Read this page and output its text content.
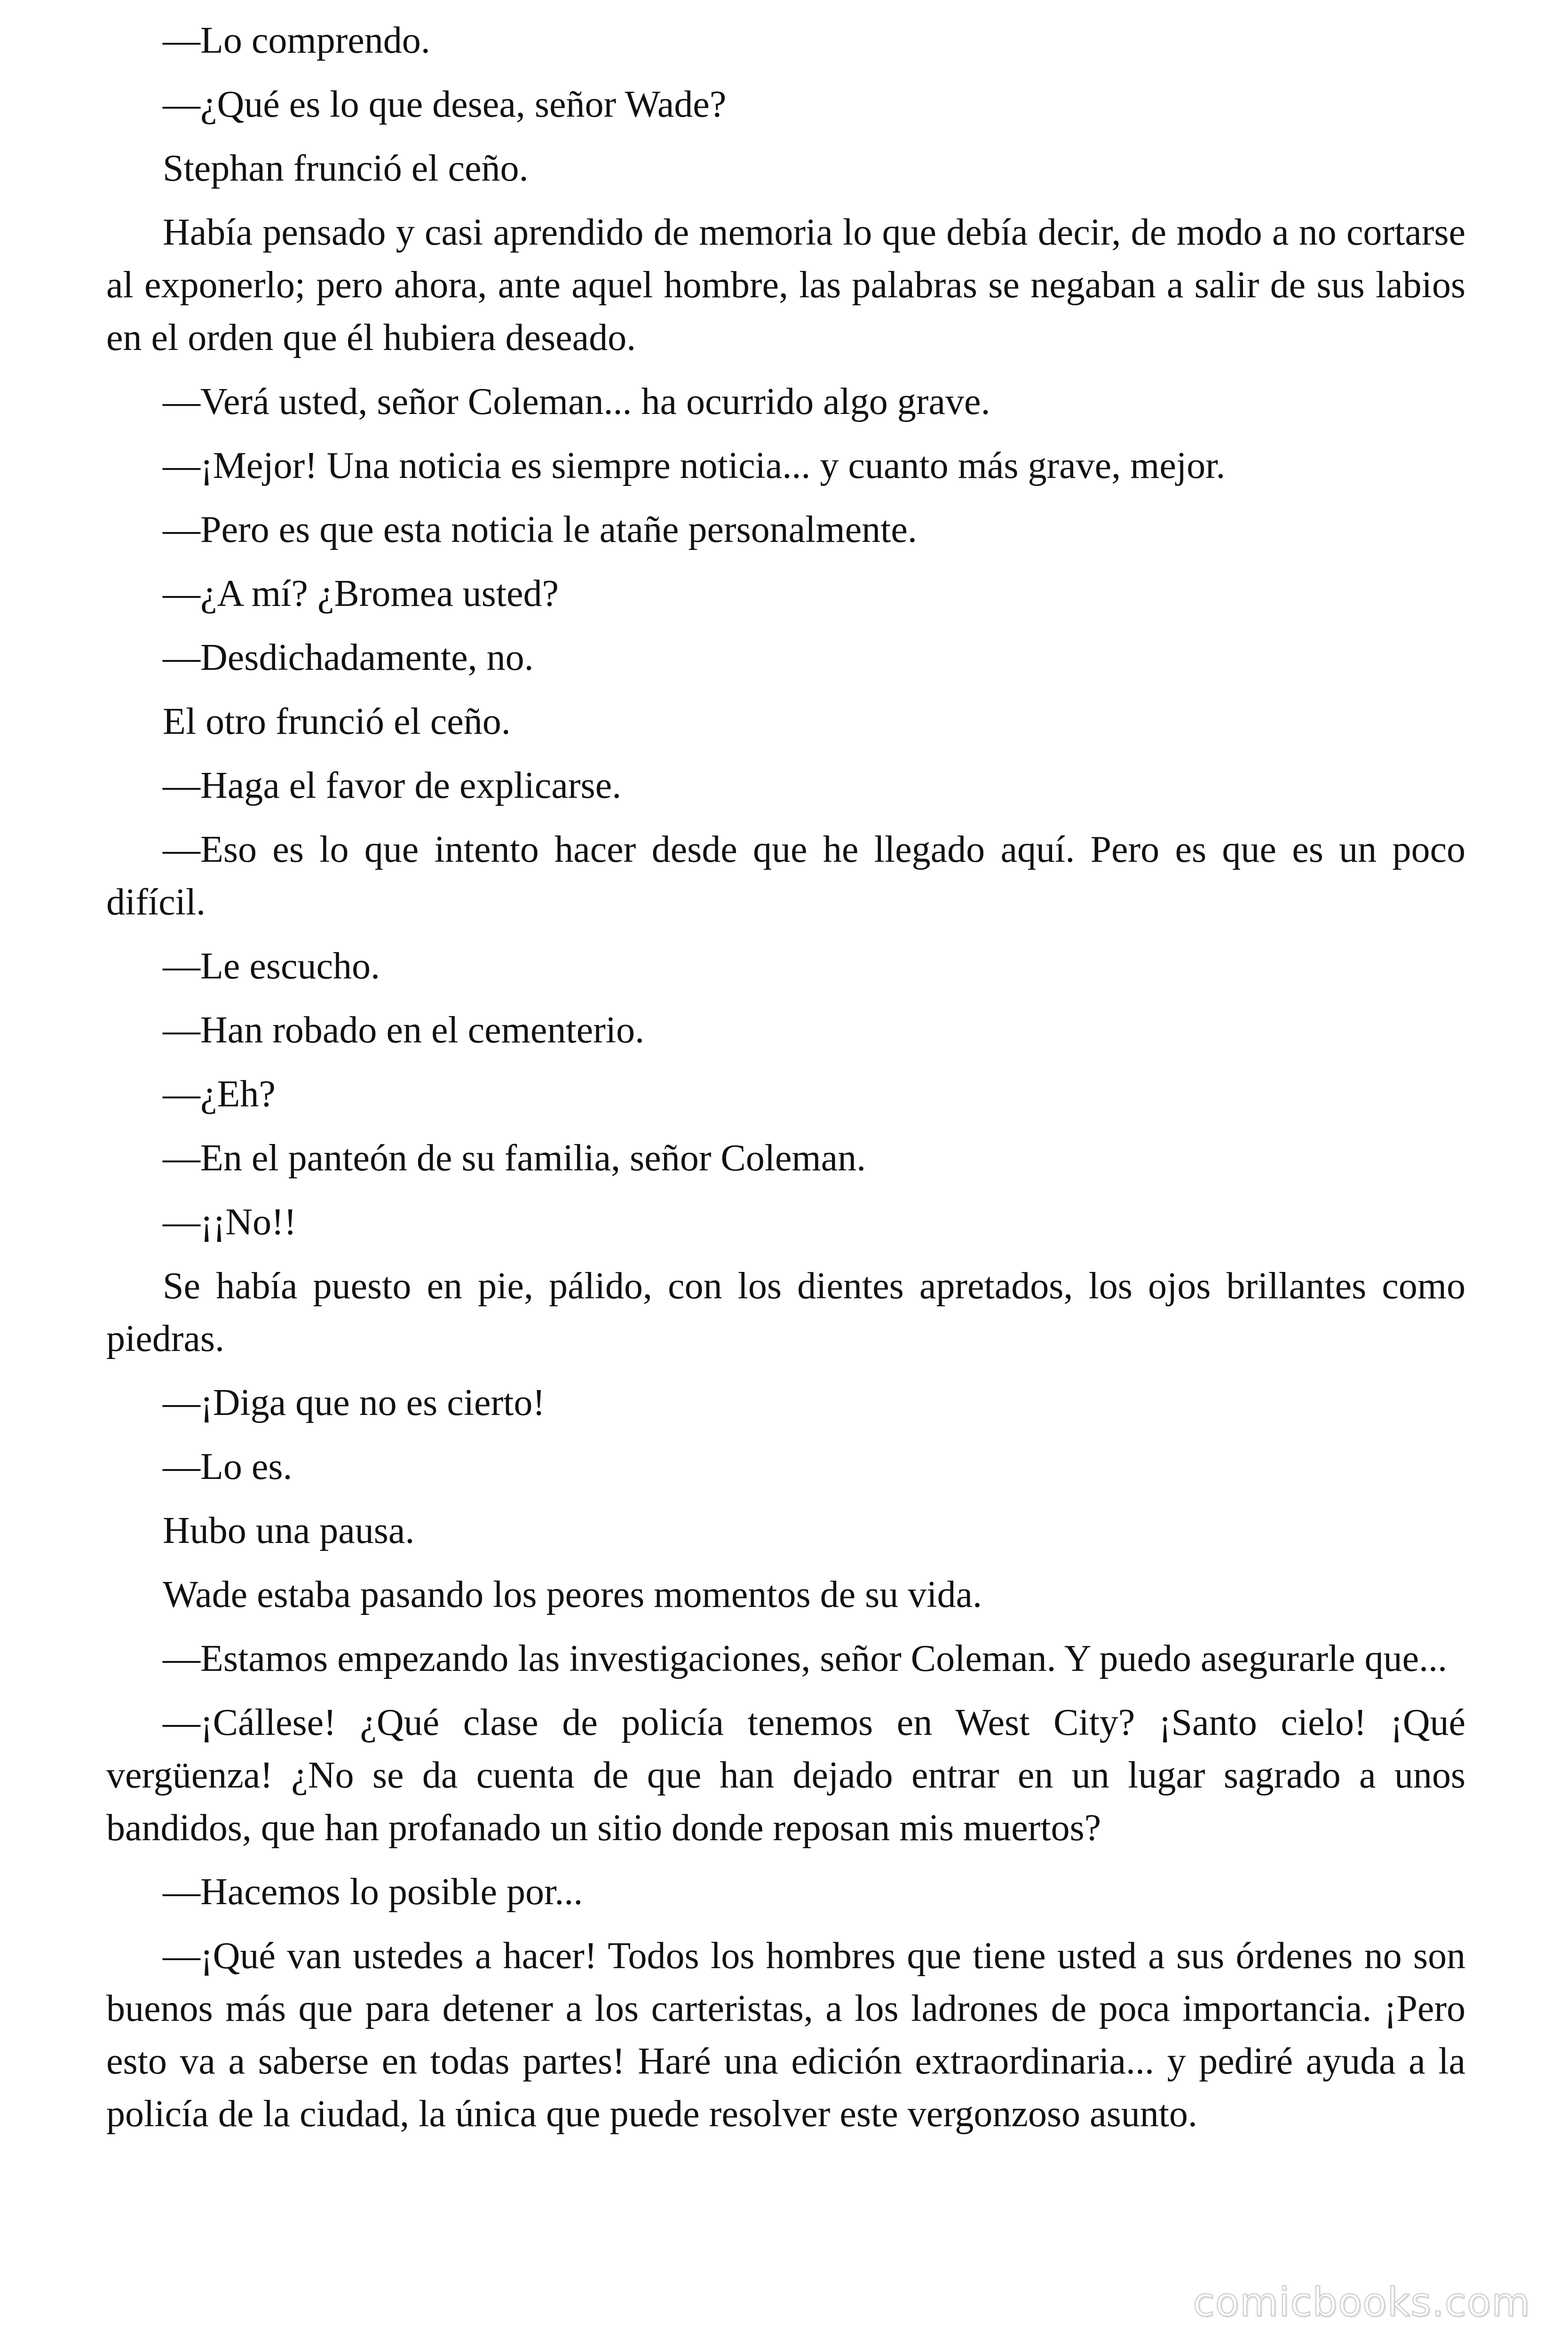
—Lo comprendo.

—¿Qué es lo que desea, señor Wade?

Stephan frunció el ceño.

Había pensado y casi aprendido de memoria lo que debía decir, de modo a no cortarse al exponerlo; pero ahora, ante aquel hombre, las palabras se negaban a salir de sus labios en el orden que él hubiera deseado.

—Verá usted, señor Coleman... ha ocurrido algo grave.

—¡Mejor! Una noticia es siempre noticia... y cuanto más grave, mejor.

—Pero es que esta noticia le atañe personalmente.

—¿A mí? ¿Bromea usted?

—Desdichadamente, no.

El otro frunció el ceño.

—Haga el favor de explicarse.

—Eso es lo que intento hacer desde que he llegado aquí. Pero es que es un poco difícil.

—Le escucho.

—Han robado en el cementerio.

—¿Eh?

—En el panteón de su familia, señor Coleman.

—¡¡No!!

Se había puesto en pie, pálido, con los dientes apretados, los ojos brillantes como piedras.

—¡Diga que no es cierto!

—Lo es.

Hubo una pausa.

Wade estaba pasando los peores momentos de su vida.

—Estamos empezando las investigaciones, señor Coleman. Y puedo asegurarle que...

—¡Cállese! ¿Qué clase de policía tenemos en West City? ¡Santo cielo! ¡Qué vergüenza! ¿No se da cuenta de que han dejado entrar en un lugar sagrado a unos bandidos, que han profanado un sitio donde reposan mis muertos?

—Hacemos lo posible por...

—¡Qué van ustedes a hacer! Todos los hombres que tiene usted a sus órdenes no son buenos más que para detener a los carteristas, a los ladrones de poca importancia. ¡Pero esto va a saberse en todas partes! Haré una edición extraordinaria... y pediré ayuda a la policía de la ciudad, la única que puede resolver este vergonzoso asunto.

comicbooks.com
